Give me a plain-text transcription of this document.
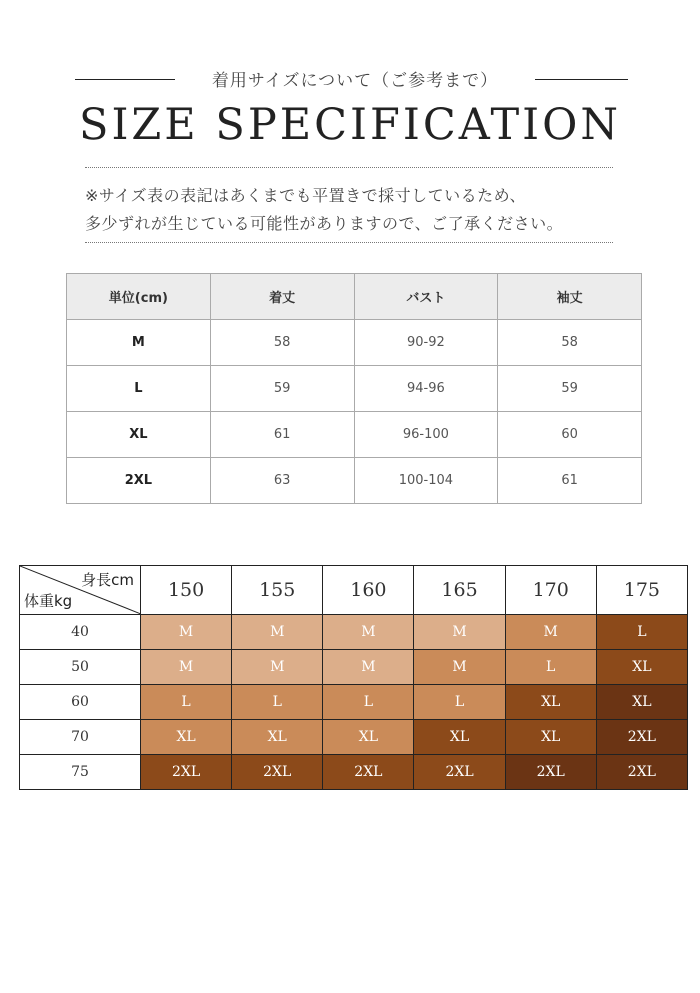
着用サイズについて（ご参考まで）
SIZE SPECIFICATION
※サイズ表の表記はあくまでも平置きで採寸しているため、
多少ずれが生じている可能性がありますので、ご了承ください。
単位(cm)	着丈	バスト	袖丈
M	58	90-92	58
L	59	94-96	59
XL	61	96-100	60
2XL	63	100-104	61
身長cm
体重kg	150	155	160	165	170	175
40	M	M	M	M	M	L
50	M	M	M	M	L	XL
60	L	L	L	L	XL	XL
70	XL	XL	XL	XL	XL	2XL
75	2XL	2XL	2XL	2XL	2XL	2XL
